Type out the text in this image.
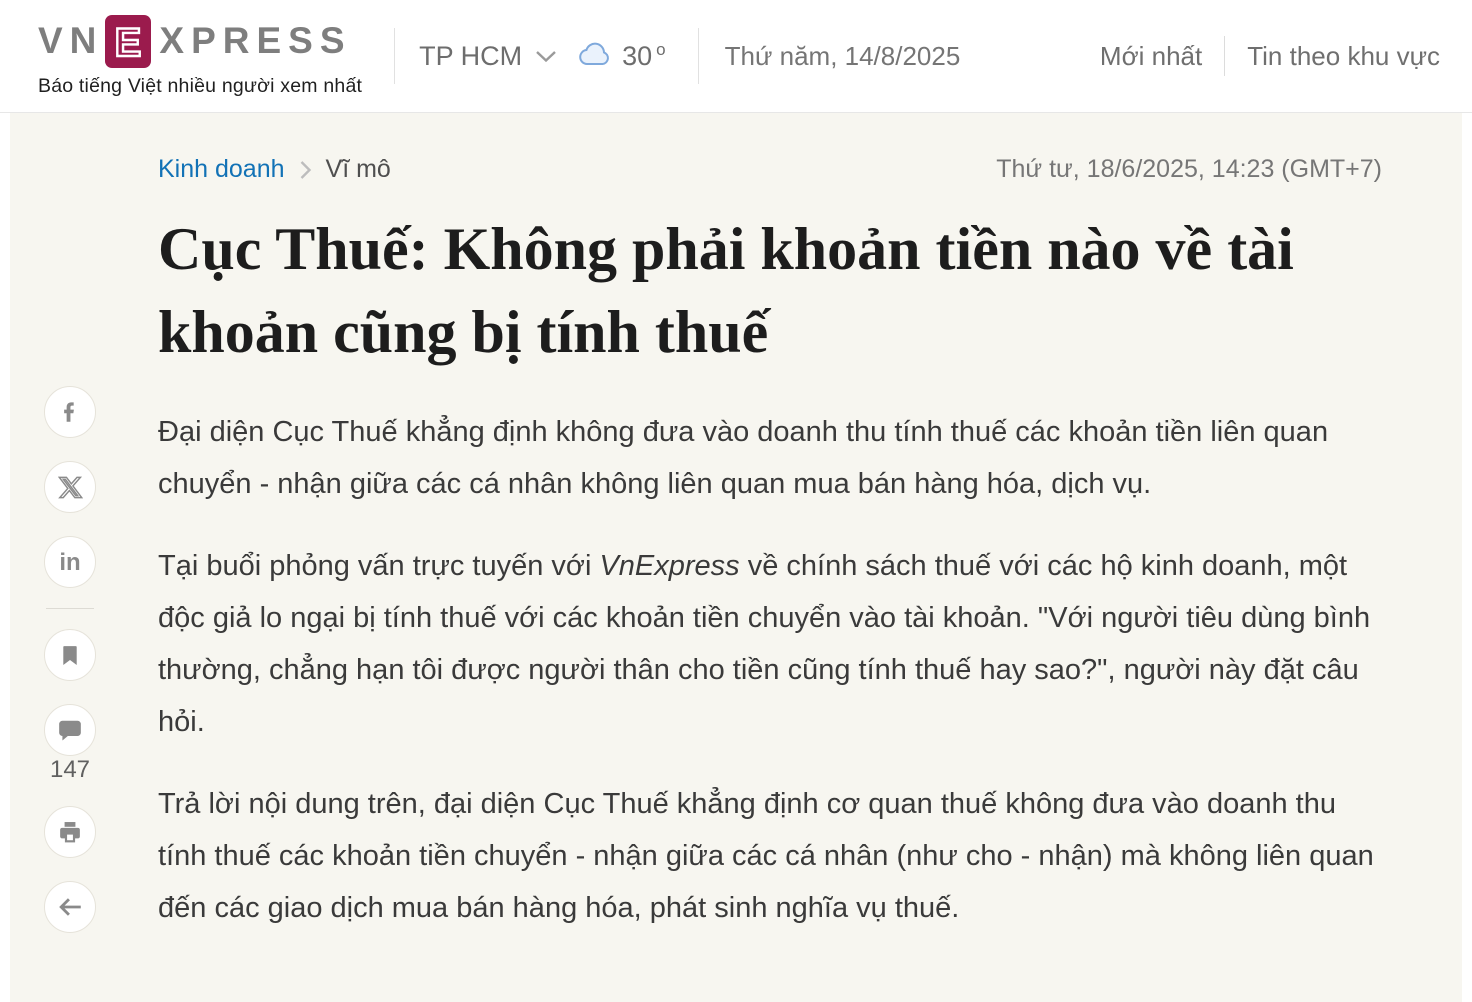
VN E XPRESS
Báo tiếng Việt nhiều người xem nhất
TP HCM	30 $^o$ Thứ năm, 14/8/2025	Mới nhất Tin theo khu vực
Kinh doanh Vĩ mô	Thứ tư, 18/6/2025, 14:23 (GMT+7)
Cục Thuế: Không phải khoản tiền nào về tài khoản cũng bị tính thuế

Đại diện Cục Thuế khẳng định không đưa vào doanh thu tính thuế các khoản tiền liên quan chuyển - nhận giữa các cá nhân không liên quan mua bán hàng hóa, dịch vụ.

Tại buổi phỏng vấn trực tuyến với VnExpress về chính sách thuế với các hộ kinh doanh, một độc giả lo ngại bị tính thuế với các khoản tiền chuyển vào tài khoản. "Với người tiêu dùng bình thường, chẳng hạn tôi được người thân cho tiền cũng tính thuế hay sao?", người này đặt câu hỏi.

Trả lời nội dung trên, đại diện Cục Thuế khẳng định cơ quan thuế không đưa vào doanh thu tính thuế các khoản tiền chuyển - nhận giữa các cá nhân (như cho - nhận) mà không liên quan đến các giao dịch mua bán hàng hóa, phát sinh nghĩa vụ thuế.

in
147
